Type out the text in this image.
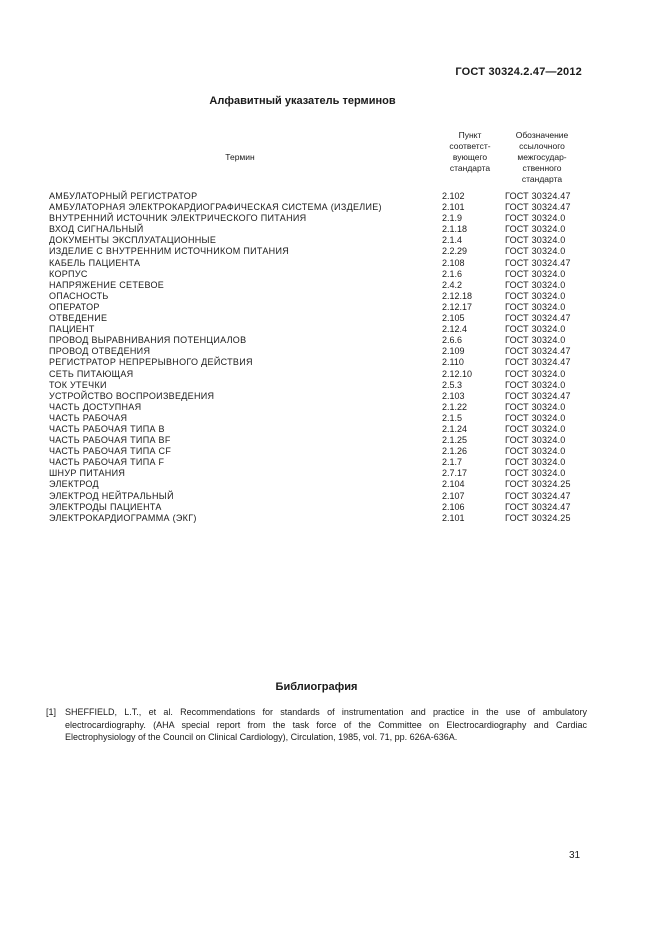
ГОСТ 30324.2.47—2012
Алфавитный указатель терминов
Термин
Пункт
соответст-
вующего
стандарта
Обозначение
ссылочного
межгосудар-
ственного
стандарта
АМБУЛАТОРНЫЙ РЕГИСТРАТОР	2.102	ГОСТ 30324.47
АМБУЛАТОРНАЯ ЭЛЕКТРОКАРДИОГРАФИЧЕСКАЯ СИСТЕМА (ИЗДЕЛИЕ)	2.101	ГОСТ 30324.47
ВНУТРЕННИЙ ИСТОЧНИК ЭЛЕКТРИЧЕСКОГО ПИТАНИЯ	2.1.9	ГОСТ 30324.0
ВХОД СИГНАЛЬНЫЙ	2.1.18	ГОСТ 30324.0
ДОКУМЕНТЫ ЭКСПЛУАТАЦИОННЫЕ	2.1.4	ГОСТ 30324.0
ИЗДЕЛИЕ С ВНУТРЕННИМ ИСТОЧНИКОМ ПИТАНИЯ	2.2.29	ГОСТ 30324.0
КАБЕЛЬ ПАЦИЕНТА	2.108	ГОСТ 30324.47
КОРПУС	2.1.6	ГОСТ 30324.0
НАПРЯЖЕНИЕ СЕТЕВОЕ	2.4.2	ГОСТ 30324.0
ОПАСНОСТЬ	2.12.18	ГОСТ 30324.0
ОПЕРАТОР	2.12.17	ГОСТ 30324.0
ОТВЕДЕНИЕ	2.105	ГОСТ 30324.47
ПАЦИЕНТ	2.12.4	ГОСТ 30324.0
ПРОВОД ВЫРАВНИВАНИЯ ПОТЕНЦИАЛОВ	2.6.6	ГОСТ 30324.0
ПРОВОД ОТВЕДЕНИЯ	2.109	ГОСТ 30324.47
РЕГИСТРАТОР НЕПРЕРЫВНОГО ДЕЙСТВИЯ	2.110	ГОСТ 30324.47
СЕТЬ ПИТАЮЩАЯ	2.12.10	ГОСТ 30324.0
ТОК УТЕЧКИ	2.5.3	ГОСТ 30324.0
УСТРОЙСТВО ВОСПРОИЗВЕДЕНИЯ	2.103	ГОСТ 30324.47
ЧАСТЬ ДОСТУПНАЯ	2.1.22	ГОСТ 30324.0
ЧАСТЬ РАБОЧАЯ	2.1.5	ГОСТ 30324.0
ЧАСТЬ РАБОЧАЯ ТИПА В	2.1.24	ГОСТ 30324.0
ЧАСТЬ РАБОЧАЯ ТИПА BF	2.1.25	ГОСТ 30324.0
ЧАСТЬ РАБОЧАЯ ТИПА CF	2.1.26	ГОСТ 30324.0
ЧАСТЬ РАБОЧАЯ ТИПА F	2.1.7	ГОСТ 30324.0
ШНУР ПИТАНИЯ	2.7.17	ГОСТ 30324.0
ЭЛЕКТРОД	2.104	ГОСТ 30324.25
ЭЛЕКТРОД НЕЙТРАЛЬНЫЙ	2.107	ГОСТ 30324.47
ЭЛЕКТРОДЫ ПАЦИЕНТА	2.106	ГОСТ 30324.47
ЭЛЕКТРОКАРДИОГРАММА (ЭКГ)	2.101	ГОСТ 30324.25
Библиография
[1] SHEFFIELD, L.T., et al. Recommendations for standards of instrumentation and practice in the use of ambulatory electrocardiography. (AHA special report from the task force of the Committee on Electrocardiography and Cardiac Electrophysiology of the Council on Clinical Cardiology), Circulation, 1985, vol. 71, pp. 626A-636A.
31
